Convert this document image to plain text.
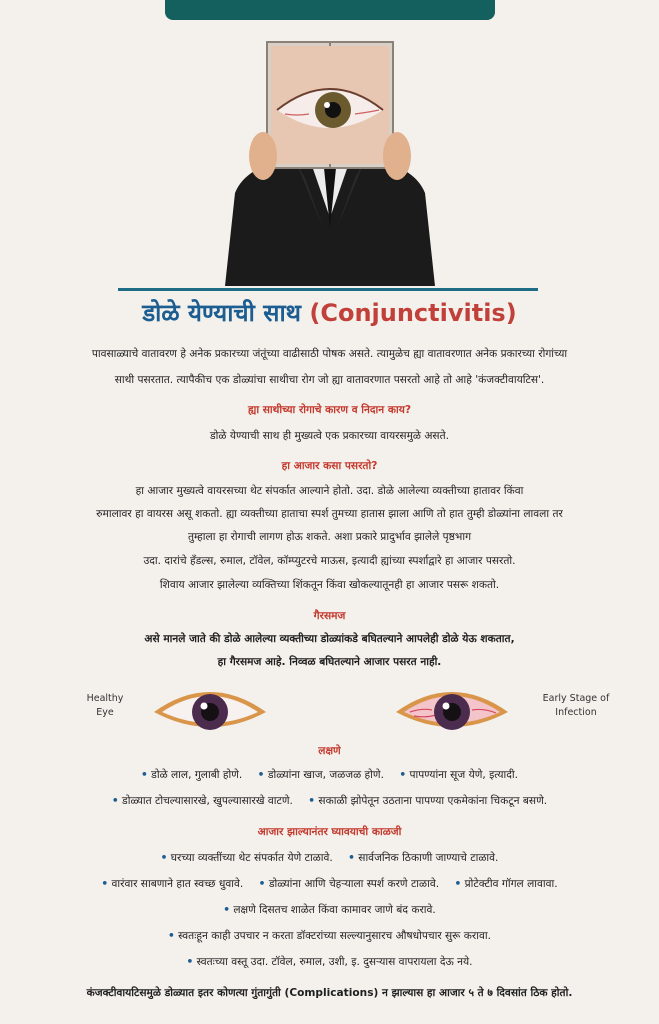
डोळे येण्याची साथ (Conjunctivitis)
पावसाळ्याचे वातावरण हे अनेक प्रकारच्या जंतूंच्या वाढीसाठी पोषक असते. त्यामुळेच ह्या वातावरणात अनेक प्रकारच्या रोगांच्या
साथी पसरतात. त्यापैकीच एक डोळ्यांचा साथीचा रोग जो ह्या वातावरणात पसरतो आहे तो आहे 'कंजक्टीवायटिस'.
ह्या साथीच्या रोगाचे कारण व निदान काय?
डोळे येण्याची साथ ही मुख्यत्वे एक प्रकारच्या वायरसमुळे असते.
हा आजार कसा पसरतो?
हा आजार मुख्यत्वे वायरसच्या थेट संपर्कात आल्याने होतो. उदा. डोळे आलेल्या व्यक्तीच्या हातावर किंवा
रुमालावर हा वायरस असू शकतो. ह्या व्यक्तीच्या हाताचा स्पर्श तुमच्या हातास झाला आणि तो हात तुम्ही डोळ्यांना लावला तर
तुम्हाला हा रोगाची लागण होऊ शकते. अशा प्रकारे प्रादुर्भाव झालेले पृष्ठभाग
उदा. दारांचे हँडल्स, रुमाल, टॉवेल, कॉम्प्युटरचे माऊस, इत्यादी ह्यांच्या स्पर्शाद्वारे हा आजार पसरतो.
शिवाय आजार झालेल्या व्यक्तिच्या शिंकतून किंवा खोकल्यातूनही हा आजार पसरू शकतो.
गैरसमज
असे मानले जाते की डोळे आलेल्या व्यक्तीच्या डोळ्यांकडे बघितल्याने आपलेही डोळे येऊ शकतात,
हा गैरसमज आहे. निव्वळ बघितल्याने आजार पसरत नाही.
Healthy
Eye
Early Stage of
Infection
लक्षणे
• डोळे लाल, गुलाबी होणे. • डोळ्यांना खाज, जळजळ होणे. • पापण्यांना सूज येणे, इत्यादी.
• डोळ्यात टोचल्यासारखे, खुपल्यासारखे वाटणे. • सकाळी झोपेतून उठताना पापण्या एकमेकांना चिकटून बसणे.
आजार झाल्यानंतर घ्यावयाची काळजी
• घरच्या व्यक्तींच्या थेट संपर्कात येणे टाळावे. • सार्वजनिक ठिकाणी जाण्याचे टाळावे.
• वारंवार साबणाने हात स्वच्छ धुवावे. • डोळ्यांना आणि चेहऱ्याला स्पर्श करणे टाळावे. • प्रोटेक्टीव गॉगल लावावा.
• लक्षणे दिसतच शाळेत किंवा कामावर जाणे बंद करावे.
• स्वतःहून काही उपचार न करता डॉक्टरांच्या सल्ल्यानुसारच औषधोपचार सुरू करावा.
• स्वतःच्या वस्तू उदा. टॉवेल, रुमाल, उशी, इ. दुसऱ्यास वापरायला देऊ नये.
कंजक्टीवायटिसमुळे डोळ्यात इतर कोणत्या गुंतागुंती (Complications) न झाल्यास हा आजार ५ ते ७ दिवसांत ठिक होतो.
